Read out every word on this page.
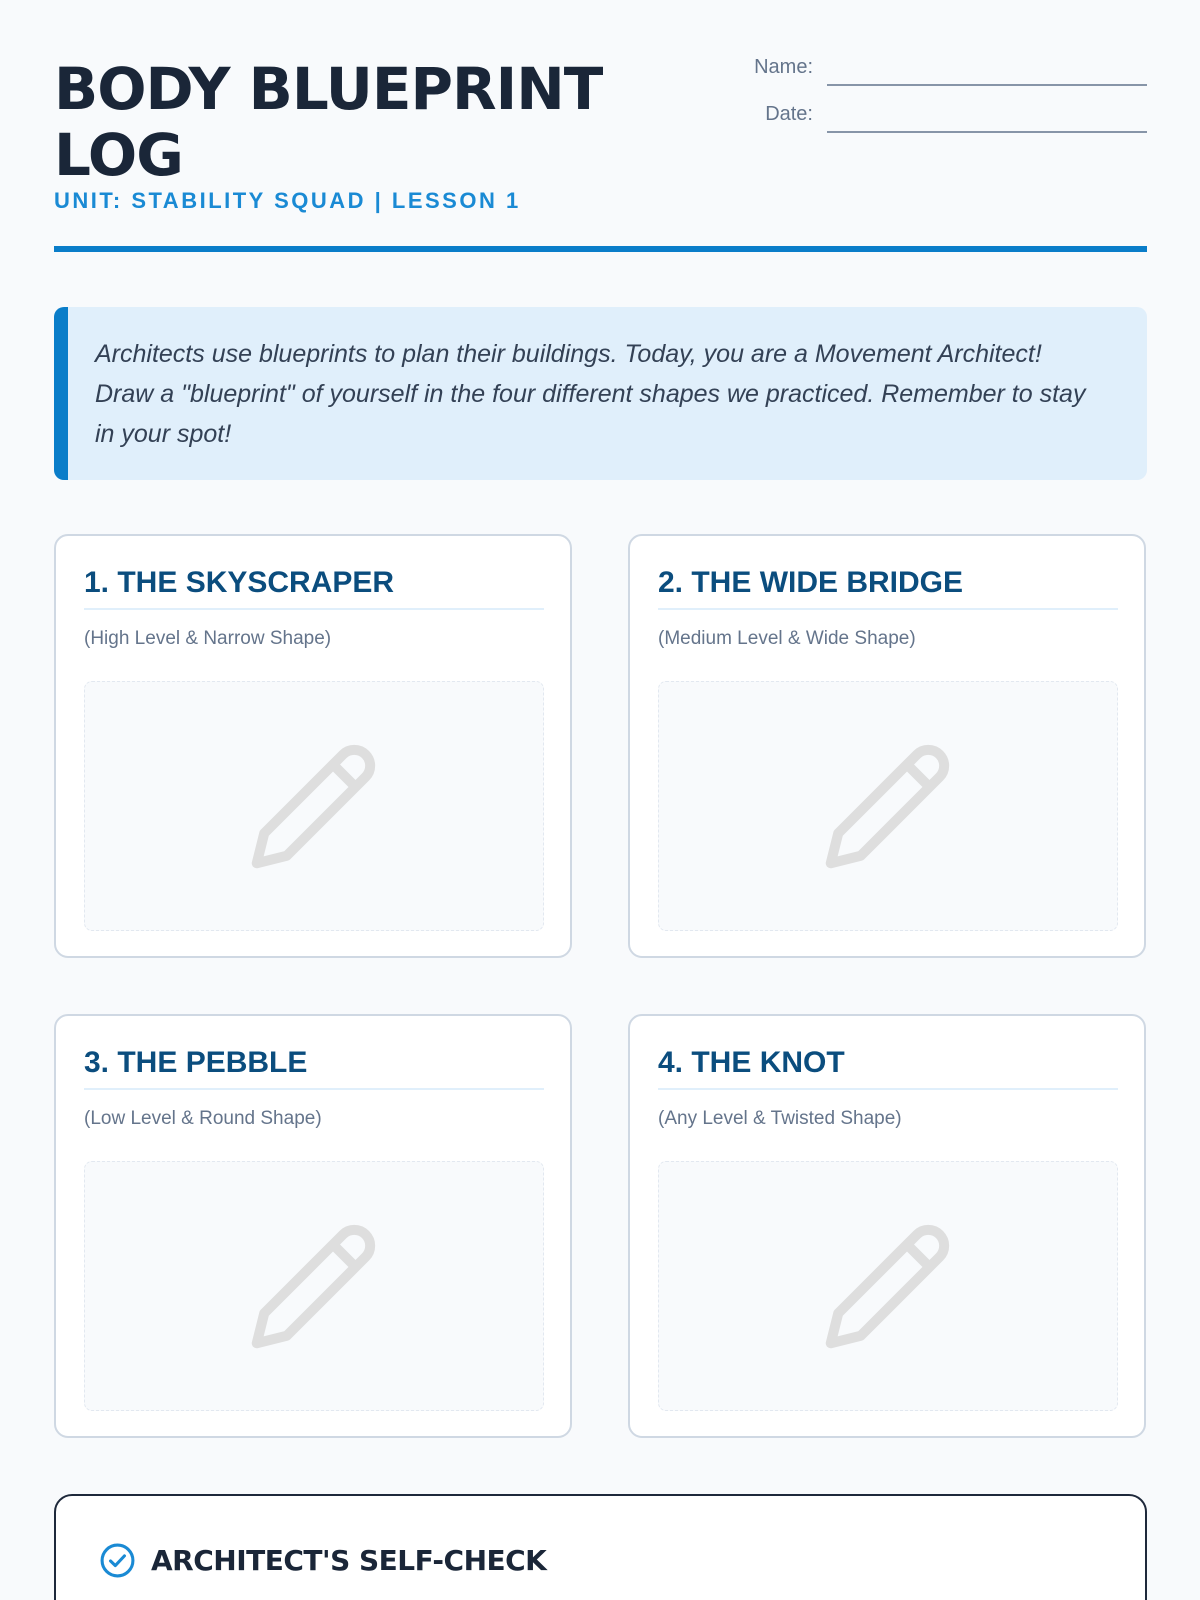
BODY BLUEPRINT LOG
UNIT: STABILITY SQUAD | LESSON 1
Name:
Date:

Architects use blueprints to plan their buildings. Today, you are a Movement Architect! Draw a "blueprint" of yourself in the four different shapes we practiced. Remember to stay in your spot!

1. THE SKYSCRAPER
(High Level & Narrow Shape)
2. THE WIDE BRIDGE
(Medium Level & Wide Shape)
3. THE PEBBLE
(Low Level & Round Shape)
4. THE KNOT
(Any Level & Twisted Shape)
ARCHITECT'S SELF-CHECK
